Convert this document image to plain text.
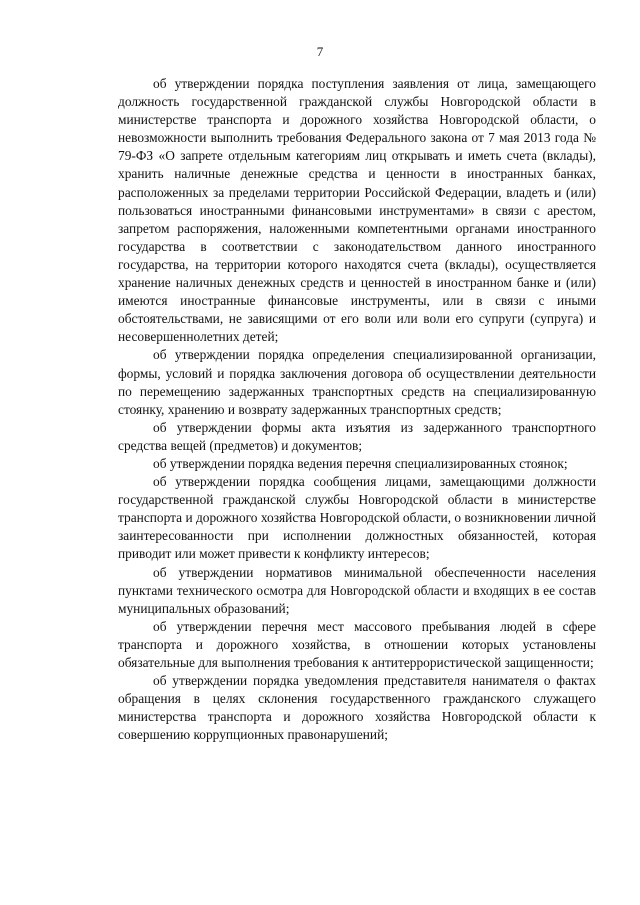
7

об утверждении порядка поступления заявления от лица, замещающего должность государственной гражданской службы Новгородской области в министерстве транспорта и дорожного хозяйства Новгородской области, о невозможности выполнить требования Федерального закона от 7 мая 2013 года № 79-ФЗ «О запрете отдельным категориям лиц открывать и иметь счета (вклады), хранить наличные денежные средства и ценности в иностранных банках, расположенных за пределами территории Российской Федерации, владеть и (или) пользоваться иностранными финансовыми инструментами» в связи с арестом, запретом распоряжения, наложенными компетентными органами иностранного государства в соответствии с законодательством данного иностранного государства, на территории которого находятся счета (вклады), осуществляется хранение наличных денежных средств и ценностей в иностранном банке и (или) имеются иностранные финансовые инструменты, или в связи с иными обстоятельствами, не зависящими от его воли или воли его супруги (супруга) и несовершеннолетних детей;

об утверждении порядка определения специализированной организации, формы, условий и порядка заключения договора об осуществлении деятельности по перемещению задержанных транспортных средств на специализированную стоянку, хранению и возврату задержанных транспортных средств;

об утверждении формы акта изъятия из задержанного транспортного средства вещей (предметов) и документов;

об утверждении порядка ведения перечня специализированных стоянок;

об утверждении порядка сообщения лицами, замещающими должности государственной гражданской службы Новгородской области в министерстве транспорта и дорожного хозяйства Новгородской области, о возникновении личной заинтересованности при исполнении должностных обязанностей, которая приводит или может привести к конфликту интересов;

об утверждении нормативов минимальной обеспеченности населения пунктами технического осмотра для Новгородской области и входящих в ее состав муниципальных образований;

об утверждении перечня мест массового пребывания людей в сфере транспорта и дорожного хозяйства, в отношении которых установлены обязательные для выполнения требования к антитеррористической защищенности;

об утверждении порядка уведомления представителя нанимателя о фактах обращения в целях склонения государственного гражданского служащего министерства транспорта и дорожного хозяйства Новгородской области к совершению коррупционных правонарушений;
